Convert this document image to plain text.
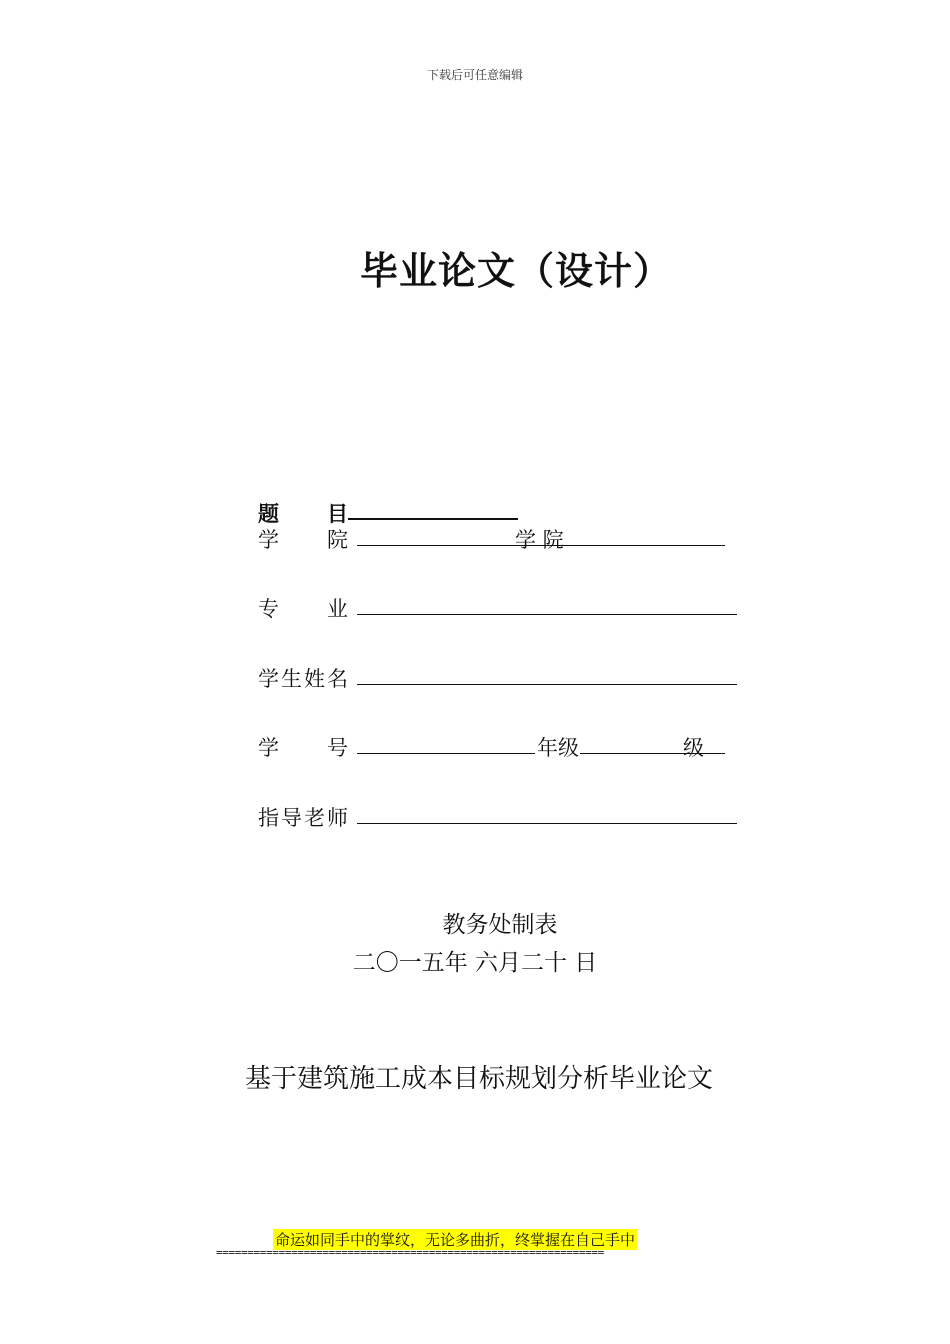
下载后可任意编辑
毕业论文（设计）
题目
学院	学 院
专业
学生姓名
学号	年级	级
指导老师
教务处制表
二〇一五年 六月二十 日
基于建筑施工成本目标规划分析毕业论文
命运如同手中的掌纹，无论多曲折，终掌握在自己手中
==============================================================
